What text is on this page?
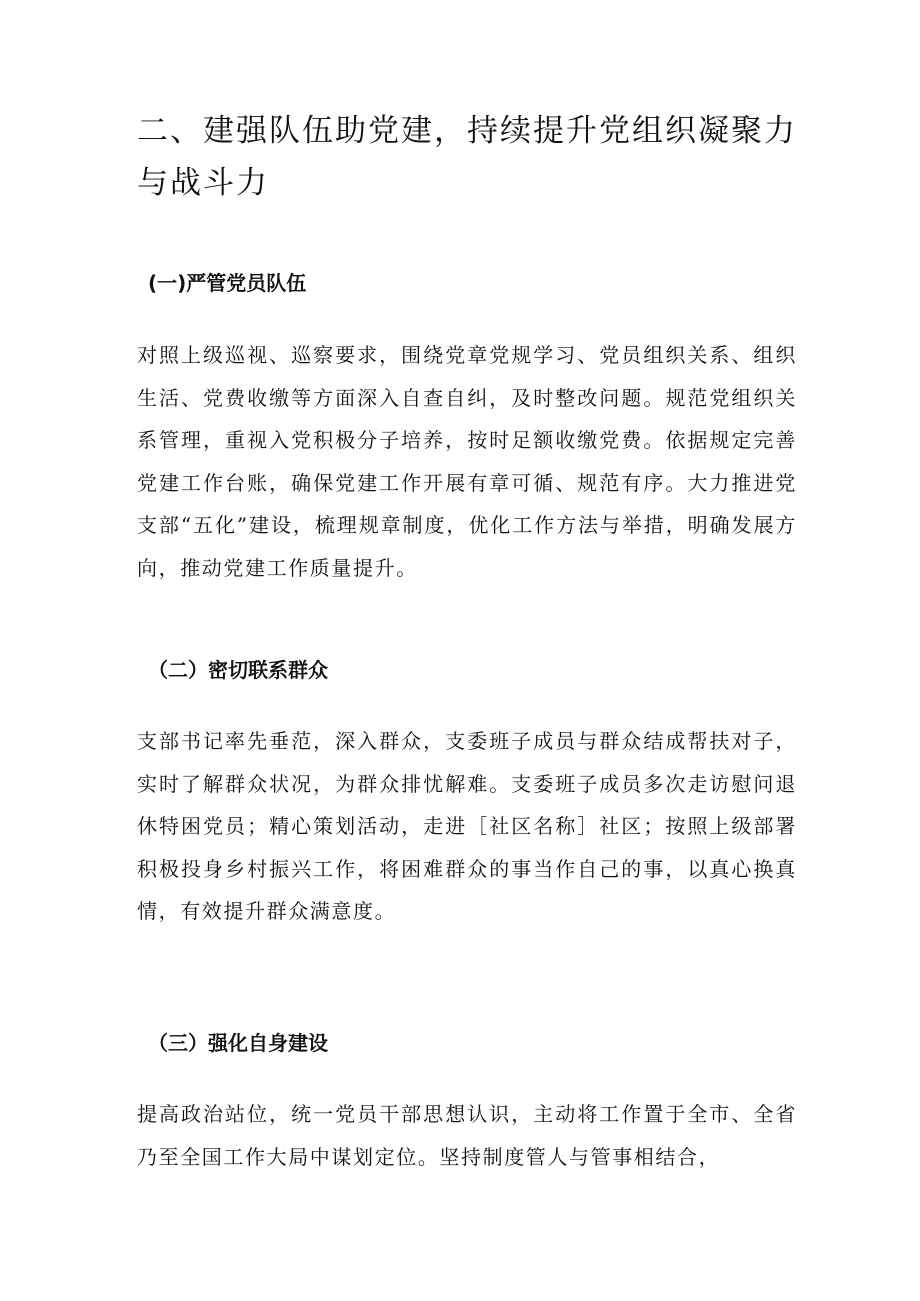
二、建强队伍助党建，持续提升党组织凝聚力与战斗力
(一)严管党员队伍

对照上级巡视、巡察要求，围绕党章党规学习、党员组织关系、组织生活、党费收缴等方面深入自查自纠，及时整改问题。规范党组织关系管理，重视入党积极分子培养，按时足额收缴党费。依据规定完善党建工作台账，确保党建工作开展有章可循、规范有序。大力推进党支部“五化”建设，梳理规章制度，优化工作方法与举措，明确发展方向，推动党建工作质量提升。

（二）密切联系群众

支部书记率先垂范，深入群众，支委班子成员与群众结成帮扶对子，实时了解群众状况，为群众排忧解难。支委班子成员多次走访慰问退休特困党员；精心策划活动，走进［社区名称］社区；按照上级部署积极投身乡村振兴工作，将困难群众的事当作自己的事，以真心换真情，有效提升群众满意度。

（三）强化自身建设

提高政治站位，统一党员干部思想认识，主动将工作置于全市、全省乃至全国工作大局中谋划定位。坚持制度管人与管事相结合，
